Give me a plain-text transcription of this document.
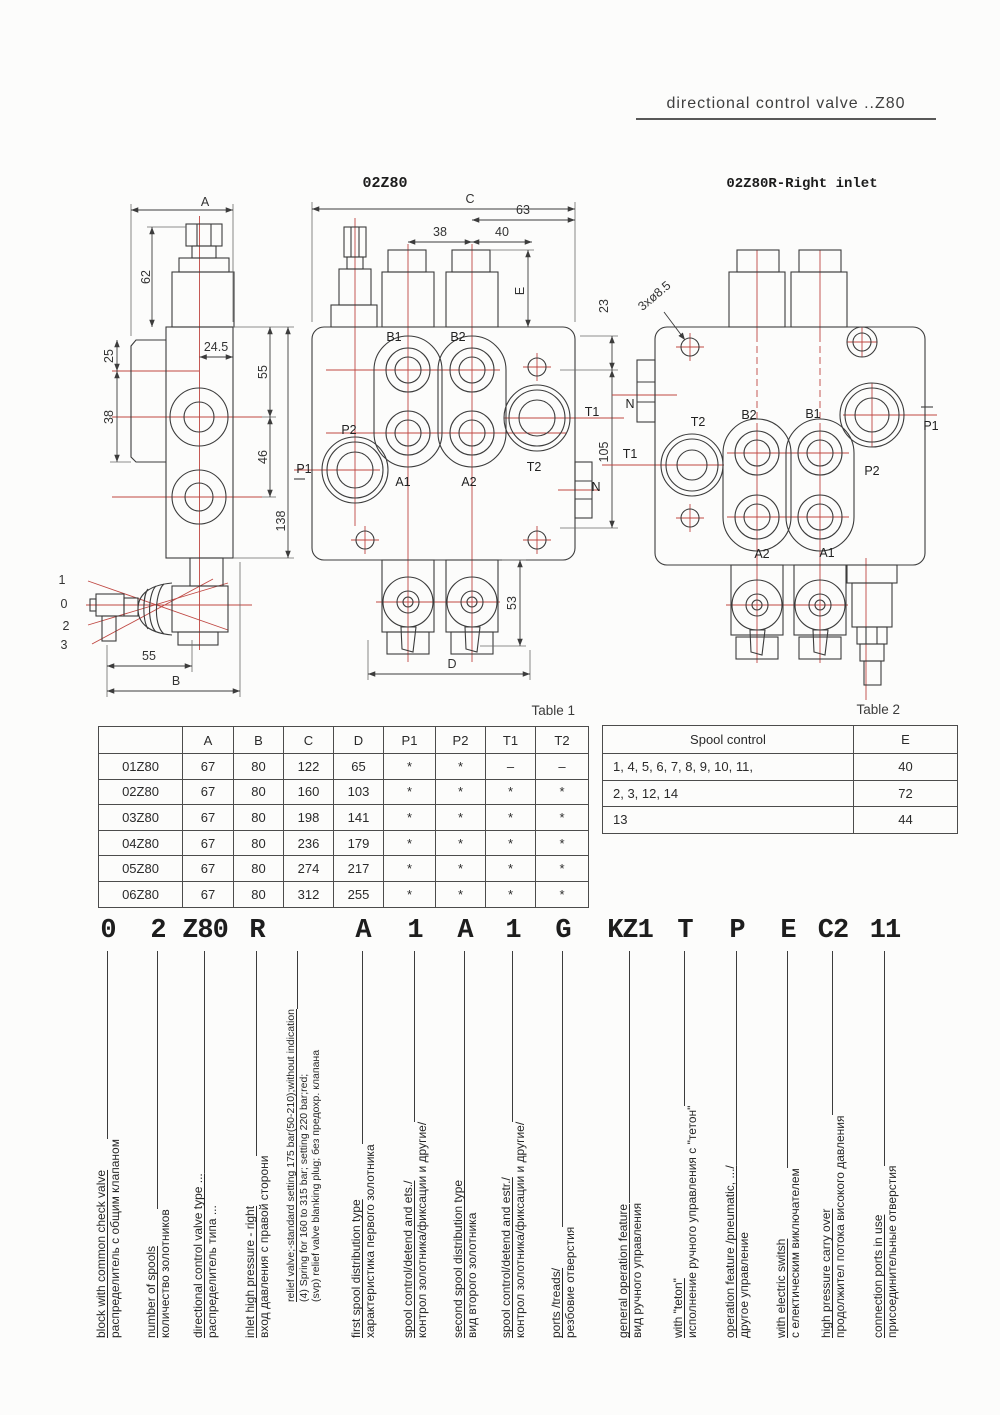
directional control valve ..Z80
02Z80	02Z80R-Right inlet
A
62
25
38
24.5
55
46
138
1
0
2
3
55
B
C
63
38	40
E
23
105
53
D
B1	B2
P2
P1
A1	A2
T1
T2
N
3xø8.5
N
T1
T2	B2	B1
P1
P2
A2	A1
Table 1	Table 2
	A	B	C	D	P1	P2	T1	T2
01Z80	67	80	122	65	*	*	–	–
02Z80	67	80	160	103	*	*	*	*
03Z80	67	80	198	141	*	*	*	*
04Z80	67	80	236	179	*	*	*	*
05Z80	67	80	274	217	*	*	*	*
06Z80	67	80	312	255	*	*	*	*
Spool control	E
1, 4, 5, 6, 7, 8, 9, 10, 11,	40
2, 3, 12, 14	72
13	44
0
block with common check valve распределитель с общим клапаном
2
number of spools количество золотников
Z80
directional control valve type ... распределитель типа ...
R
inlet high pressure - right вход давления с правой сторони relief valve;-standard setting 175 bar(50-210);without indication (4) Spring for 160 to 315 bar; setting 220 bar;red; (svp) relief valve blanking plug; без предохр. клапана
A
first spool distribution type характеристика первого золотника
1
spool control/detend and ets./ контрол золотника/фиксации и другие/
A
second spool distribution type вид второго золотника
1
spool control/detend and estr./ контрол золотника/фиксации и другие/
G
ports /treads/ резбовие отверстия
KZ1
general operation feature вид ручного управления
T
with "teton" исполнение ручного управления с "тетон"
P
operation feature /pneumatic, .../ другое управление
E
with electric switsh с електическим виключателем
C2
high pressure carry over продолжител потока високого давления
11
connection ports in use присоединительные отверстия
